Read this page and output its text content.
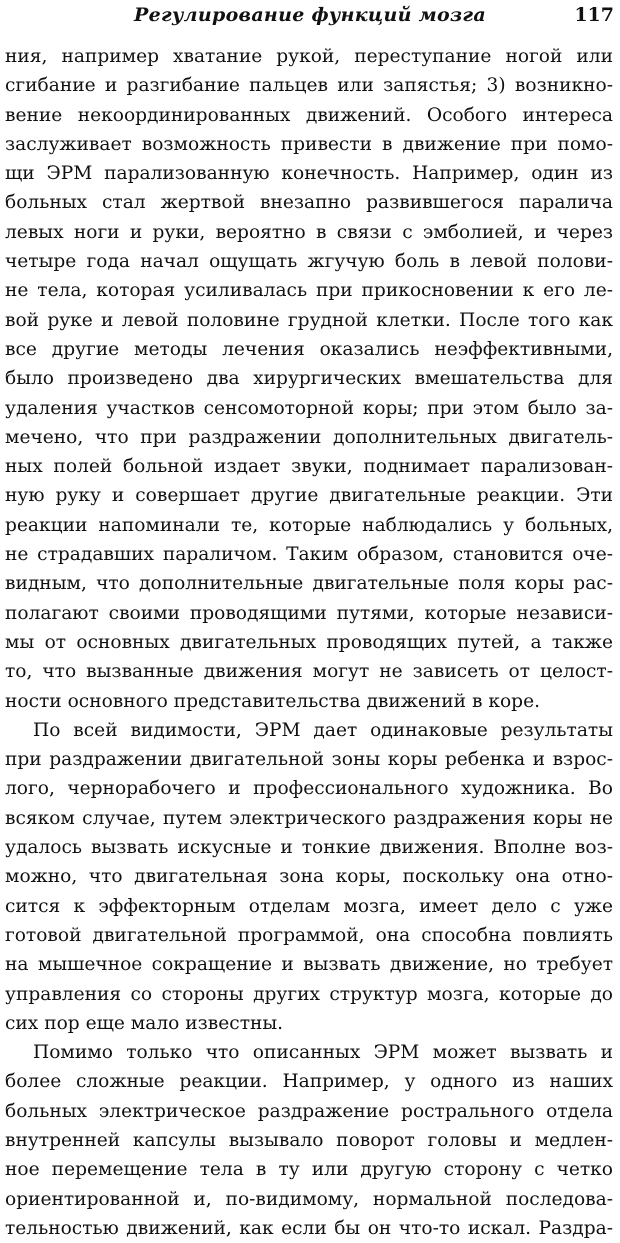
Регулирование функций мозга	117
ния, например хватание рукой, переступание ногой или
сгибание и разгибание пальцев или запястья; 3) возникно-
вение некоординированных движений. Особого интереса
заслуживает возможность привести в движение при помо-
щи ЭРМ парализованную конечность. Например, один из
больных стал жертвой внезапно развившегося паралича
левых ноги и руки, вероятно в связи с эмболией, и через
четыре года начал ощущать жгучую боль в левой полови-
не тела, которая усиливалась при прикосновении к его ле-
вой руке и левой половине грудной клетки. После того как
все другие методы лечения оказались неэффективными,
было произведено два хирургических вмешательства для
удаления участков сенсомоторной коры; при этом было за-
мечено, что при раздражении дополнительных двигатель-
ных полей больной издает звуки, поднимает парализован-
ную руку и совершает другие двигательные реакции. Эти
реакции напоминали те, которые наблюдались у больных,
не страдавших параличом. Таким образом, становится оче-
видным, что дополнительные двигательные поля коры рас-
полагают своими проводящими путями, которые независи-
мы от основных двигательных проводящих путей, а также
то, что вызванные движения могут не зависеть от целост-
ности основного представительства движений в коре.
По всей видимости, ЭРМ дает одинаковые результаты
при раздражении двигательной зоны коры ребенка и взрос-
лого, чернорабочего и профессионального художника. Во
всяком случае, путем электрического раздражения коры не
удалось вызвать искусные и тонкие движения. Вполне воз-
можно, что двигательная зона коры, поскольку она отно-
сится к эффекторным отделам мозга, имеет дело с уже
готовой двигательной программой, она способна повлиять
на мышечное сокращение и вызвать движение, но требует
управления со стороны других структур мозга, которые до
сих пор еще мало известны.
Помимо только что описанных ЭРМ может вызвать и
более сложные реакции. Например, у одного из наших
больных электрическое раздражение рострального отдела
внутренней капсулы вызывало поворот головы и медлен-
ное перемещение тела в ту или другую сторону с четко
ориентированной и, по-видимому, нормальной последова-
тельностью движений, как если бы он что-то искал. Раздра-
